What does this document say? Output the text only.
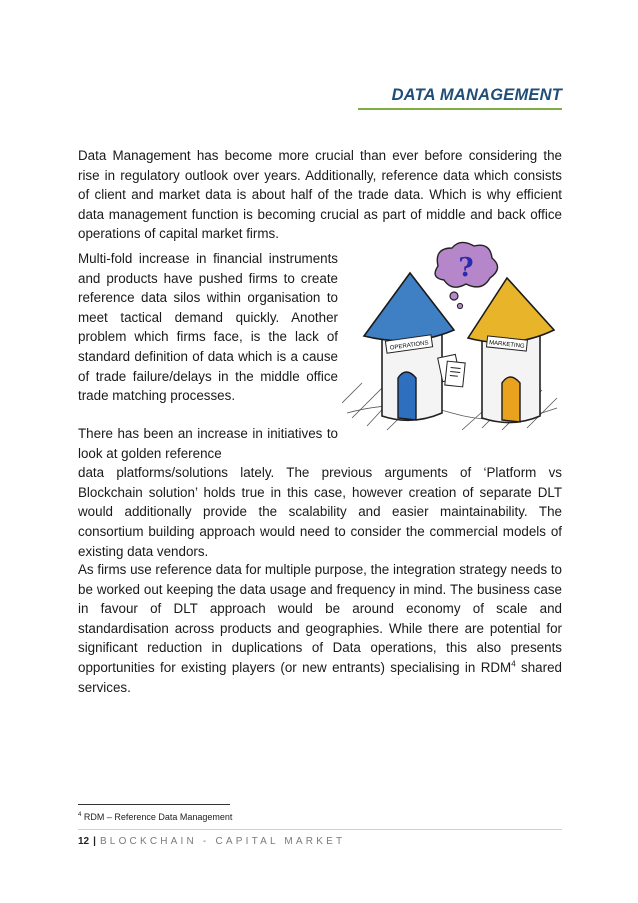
DATA MANAGEMENT

Data Management has become more crucial than ever before considering the rise in regulatory outlook over years. Additionally, reference data which consists of client and market data is about half of the trade data. Which is why efficient data management function is becoming crucial as part of middle and back office operations of capital market firms.

Multi-fold increase in financial instruments and products have pushed firms to create reference data silos within organisation to meet tactical demand quickly. Another problem which firms face, is the lack of standard definition of data which is a cause of trade failure/delays in the middle office trade matching processes.

OPERATIONS	MARKETING
?

There has been an increase in initiatives to look at golden reference
data platforms/solutions lately. The previous arguments of ‘Platform vs Blockchain solution’ holds true in this case, however creation of separate DLT would additionally provide the scalability and easier maintainability. The consortium building approach would need to consider the commercial models of existing data vendors.

As firms use reference data for multiple purpose, the integration strategy needs to be worked out keeping the data usage and frequency in mind. The business case in favour of DLT approach would be around economy of scale and standardisation across products and geographies. While there are potential for significant reduction in duplications of Data operations, this also presents opportunities for existing players (or new entrants) specialising in RDM$^4$ shared services.

$^4$ RDM – Reference Data Management
12 | BLOCKCHAIN - CAPITAL MARKET
